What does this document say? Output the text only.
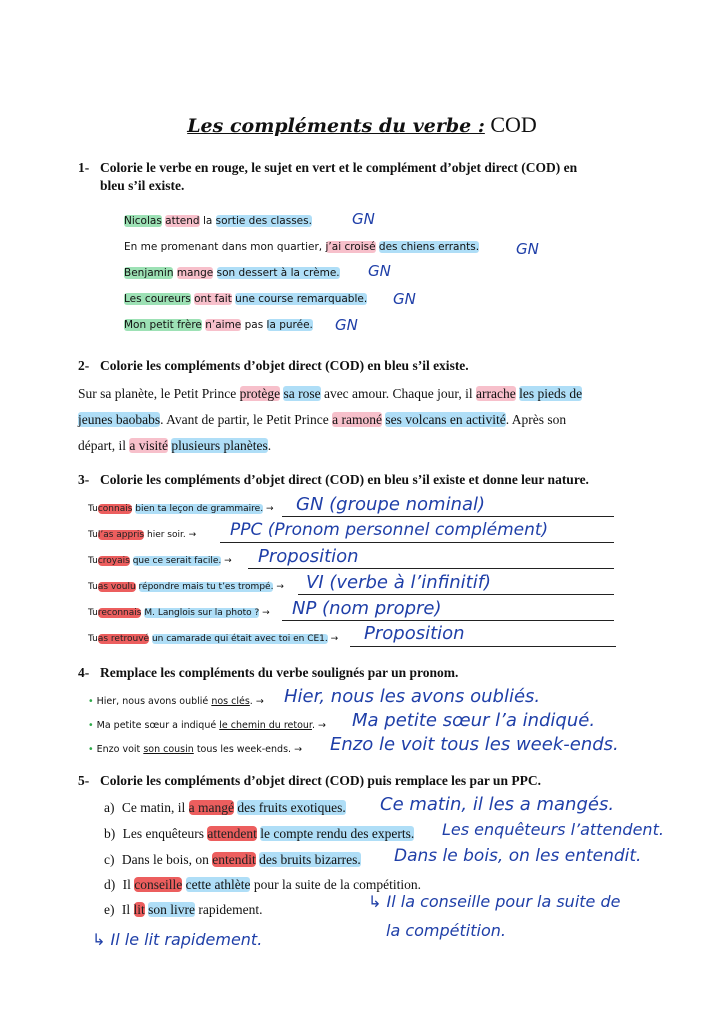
Les compléments du verbe : COD
1- Colorie le verbe en rouge, le sujet en vert et le complément d’objet direct (COD) en
bleu s’il existe.
Nicolas attend la sortie des classes.	GN
En me promenant dans mon quartier, j’ai croisé des chiens errants. GN
Benjamin mange son dessert à la crème. GN
Les coureurs ont fait une course remarquable. GN
Mon petit frère n’aime pas la purée. GN
2- Colorie les compléments d’objet direct (COD) en bleu s’il existe.
Sur sa planète, le Petit Prince protège sa rose avec amour. Chaque jour, il arrache les pieds de
jeunes baobabs. Avant de partir, le Petit Prince a ramoné ses volcans en activité. Après son
départ, il a visité plusieurs planètes.
3- Colorie les compléments d’objet direct (COD) en bleu s’il existe et donne leur nature.
Tuconnais bien ta leçon de grammaire. → GN (groupe nominal)
Tul’as appris hier soir. → PPC (Pronom personnel complément)
Tucroyais que ce serait facile. → Proposition
Tuas voulu répondre mais tu t’es trompé. → VI (verbe à l’infinitif)
Tureconnais M. Langlois sur la photo ? → NP (nom propre)
Tuas retrouvé un camarade qui était avec toi en CE1. → Proposition
4- Remplace les compléments du verbe soulignés par un pronom.
• Hier, nous avons oublié nos clés. → Hier, nous les avons oubliés.
• Ma petite sœur a indiqué le chemin du retour. → Ma petite sœur l’a indiqué.
• Enzo voit son cousin tous les week-ends. → Enzo le voit tous les week-ends.
5- Colorie les compléments d’objet direct (COD) puis remplace les par un PPC.
a) Ce matin, il a mangé des fruits exotiques. Ce matin, il les a mangés.
b) Les enquêteurs attendent le compte rendu des experts. Les enquêteurs l’attendent.
c) Dans le bois, on entendit des bruits bizarres. Dans le bois, on les entendit.
d) Il conseille cette athlète pour la suite de la compétition.
e) Il lit son livre rapidement.	↳ Il la conseille pour la suite de
la compétition.
↳ Il le lit rapidement.
